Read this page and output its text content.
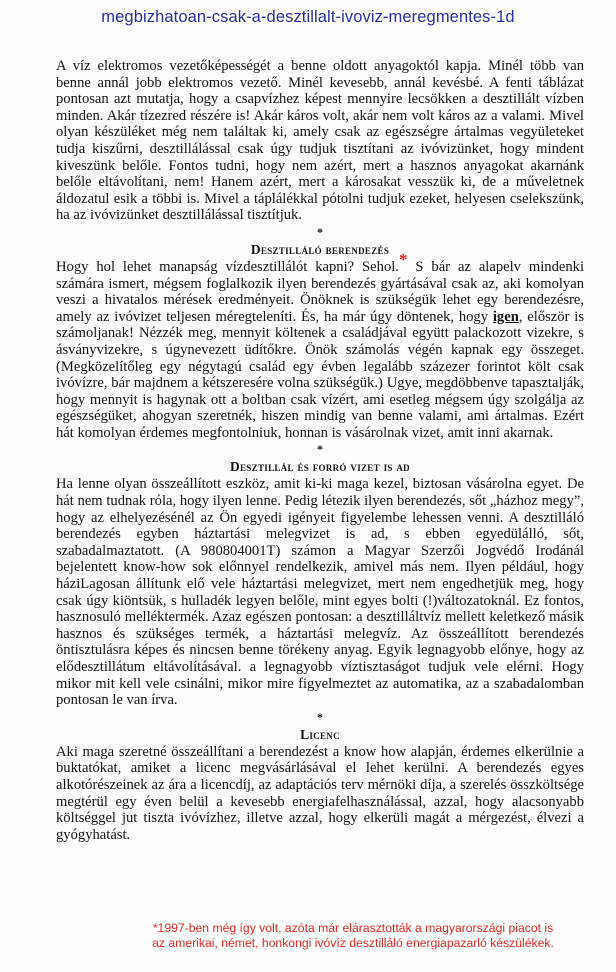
megbizhatoan-csak-a-desztillalt-ivoviz-meregmentes-1d

A víz elektromos vezetőképességét a benne oldott anyagoktól kapja. Minél több van benne annál jobb elektromos vezető. Minél kevesebb, annál kevésbé. A fenti táblázat pontosan azt mutatja, hogy a csapvízhez képest mennyire lecsökken a desztillált vízben minden. Akár tízezred részére is! Akár káros volt, akár nem volt káros az a valami. Mivel olyan készüléket még nem találtak ki, amely csak az egészségre ártalmas vegyületeket tudja kiszűrni, desztillálással csak úgy tudjuk tisztítani az ivóvizünket, hogy mindent kiveszünk belőle. Fontos tudni, hogy nem azért, mert a hasznos anyagokat akarnánk belőle eltávolítani, nem! Hanem azért, mert a károsakat vesszük ki, de a műveletnek áldozatul esik a többi is. Mivel a táplálékkal pótolni tudjuk ezeket, helyesen cselekszünk, ha az ivóvizünket desztillálással tisztítjuk.

*
Desztilláló berendezés

Hogy hol lehet manapság vízdesztillálót kapni? Sehol.* S bár az alapelv mindenki számára ismert, mégsem foglalkozik ilyen berendezés gyártásával csak az, aki komolyan veszi a hivatalos mérések eredményeit. Önöknek is szükségük lehet egy berendezésre, amely az ivóvizet teljesen méregteleníti. És, ha már úgy döntenek, hogy igen, először is számoljanak! Nézzék meg, mennyit költenek a családjával együtt palackozott vizekre, s ásványvizekre, s úgynevezett üdítőkre. Önök számolás végén kapnak egy összeget. (Megközelítőleg egy négytagú család egy évben legalább százezer forintot költ csak ivóvízre, bár majdnem a kétszeresére volna szükségük.) Ugye, megdöbbenve tapasztalják, hogy mennyit is hagynak ott a boltban csak vízért, ami esetleg mégsem úgy szolgálja az egészségüket, ahogyan szeretnék, hiszen mindig van benne valami, ami ártalmas. Ezért hát komolyan érdemes megfontolniuk, honnan is vásárolnak vizet, amit inni akarnak.

*
Desztillál és forró vizet is ad

Ha lenne olyan összeállított eszköz, amit ki-ki maga kezel, biztosan vásárolna egyet. De hát nem tudnak róla, hogy ilyen lenne. Pedig létezik ilyen berendezés, sőt „házhoz megy”, hogy az elhelyezésénél az Ön egyedi igényeit figyelembe lehessen venni. A desztilláló berendezés egyben háztartási melegvizet is ad, s ebben egyedülálló, sőt, szabadalmaztatott. (A 980804001T) számon a Magyar Szerzői Jogvédő Irodánál bejelentett know-how sok előnnyel rendelkezik, amivel más nem. Ilyen például, hogy háziLagosan állítunk elő vele háztartási melegvizet, mert nem engedhetjük meg, hogy csak úgy kiöntsük, s hulladék legyen belőle, mint egyes bolti (!)változatoknál. Ez fontos, hasznosuló melléktermék. Azaz egészen pontosan: a desztilláltvíz mellett keletkező másik hasznos és szükséges termék, a háztartási melegvíz. Az összeállított berendezés öntisztulásra képes és nincsen benne törékeny anyag. Egyik legnagyobb előnye, hogy az elődesztillátum eltávolításával. a legnagyobb víztisztaságot tudjuk vele elérni. Hogy mikor mit kell vele csinálni, mikor mire figyelmeztet az automatika, az a szabadalomban pontosan le van írva.

*
Licenc

Aki maga szeretné összeállítani a berendezést a know how alapján, érdemes elkerülnie a buktatókat, amiket a licenc megvásárlásával el lehet kerülni. A berendezés egyes alkotórészeinek az ára a licencdíj, az adaptációs terv mérnöki díja, a szerelés összköltsége megtérül egy éven belül a kevesebb energiafelhasználással, azzal, hogy alacsonyabb költséggel jut tiszta ivóvízhez, illetve azzal, hogy elkerüli magát a mérgezést, élvezi a gyógyhatást.

*1997-ben még így volt, azóta már elárasztották a magyarországi piacot is
az amerikai, német, honkongi ivóvíz desztilláló energiapazarló készülékek.
